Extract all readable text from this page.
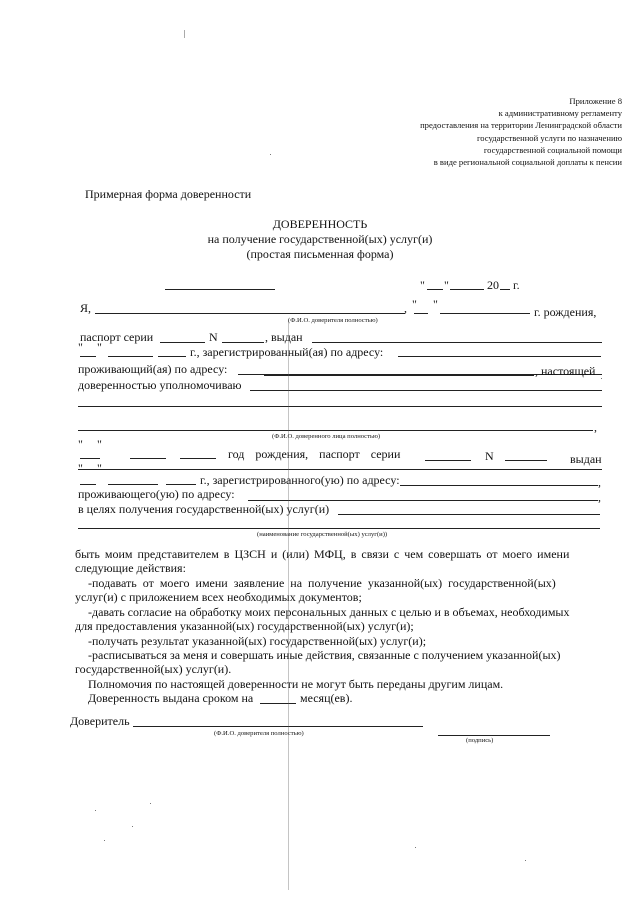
Приложение 8
к административному регламенту
предоставления на территории Ленинградской области
государственной услуги по назначению
государственной социальной помощи
в виде региональной социальной доплаты к пенсии
Примерная форма доверенности
ДОВЕРЕННОСТЬ
на получение государственной(ых) услуг(и)
(простая письменная форма)
" "	20 г.
Я,	, " "
г. рождения,
(Ф.И.О. доверителя полностью)
паспорт серии	N	, выдан
" "	г., зарегистрированный(ая) по адресу:
проживающий(ая) по адресу:	, настоящей
доверенностью уполномочиваю
,
(Ф.И.О. доверенного лица полностью)
" "
год рождения, паспорт серии	N	выдан
" "
г., зарегистрированного(ую) по адресу:	,
проживающего(ую) по адресу:	,
в целях получения государственной(ых) услуг(и)
(наименование государственной(ых) услуг(и))
быть моим представителем в ЦЗСН и (или) МФЦ, в связи с чем совершать от моего имени
следующие действия:
-подавать от моего имени заявление на получение указанной(ых) государственной(ых)
услуг(и) с приложением всех необходимых документов;
-давать согласие на обработку моих персональных данных с целью и в объемах, необходимых
для предоставления указанной(ых) государственной(ых) услуг(и);
-получать результат указанной(ых) государственной(ых) услуг(и);
-расписываться за меня и совершать иные действия, связанные с получением указанной(ых)
государственной(ых) услуг(и).
Полномочия по настоящей доверенности не могут быть переданы другим лицам.
Доверенность выдана сроком на	месяц(ев).
Доверитель
(Ф.И.О. доверителя полностью)
(подпись)
